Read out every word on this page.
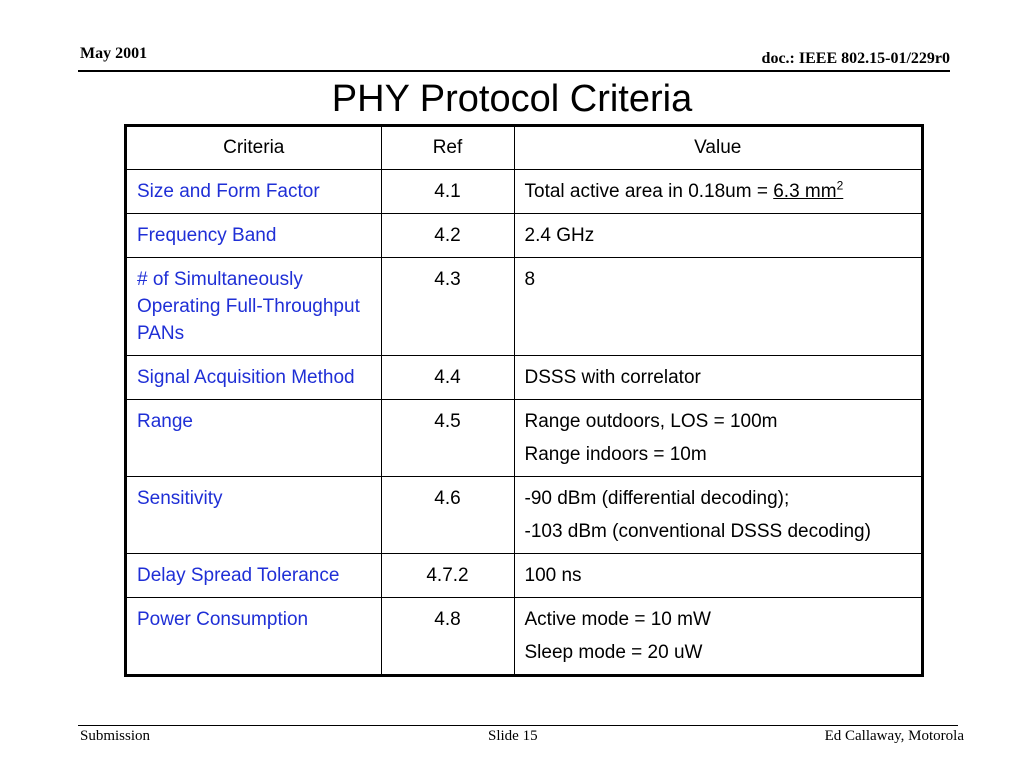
May 2001	doc.: IEEE 802.15-01/229r0
PHY Protocol Criteria
Criteria	Ref	Value
Size and Form Factor	4.1	Total active area in 0.18um = 6.3 $mm^2$

Frequency Band	4.2	2.4 GHz

# of Simultaneously Operating Full-Throughput PANs	4.3	8

Signal Acquisition Method	4.4	DSSS with correlator

Range	4.5	Range outdoors, LOS = 100m

Range indoors = 10m

Sensitivity	4.6	-90 dBm (differential decoding);

-103 dBm (conventional DSSS decoding)

Delay Spread Tolerance	4.7.2	100 ns

Power Consumption	4.8	Active mode = 10 mW

Sleep mode = 20 uW

Submission	Slide 15	Ed Callaway, Motorola
